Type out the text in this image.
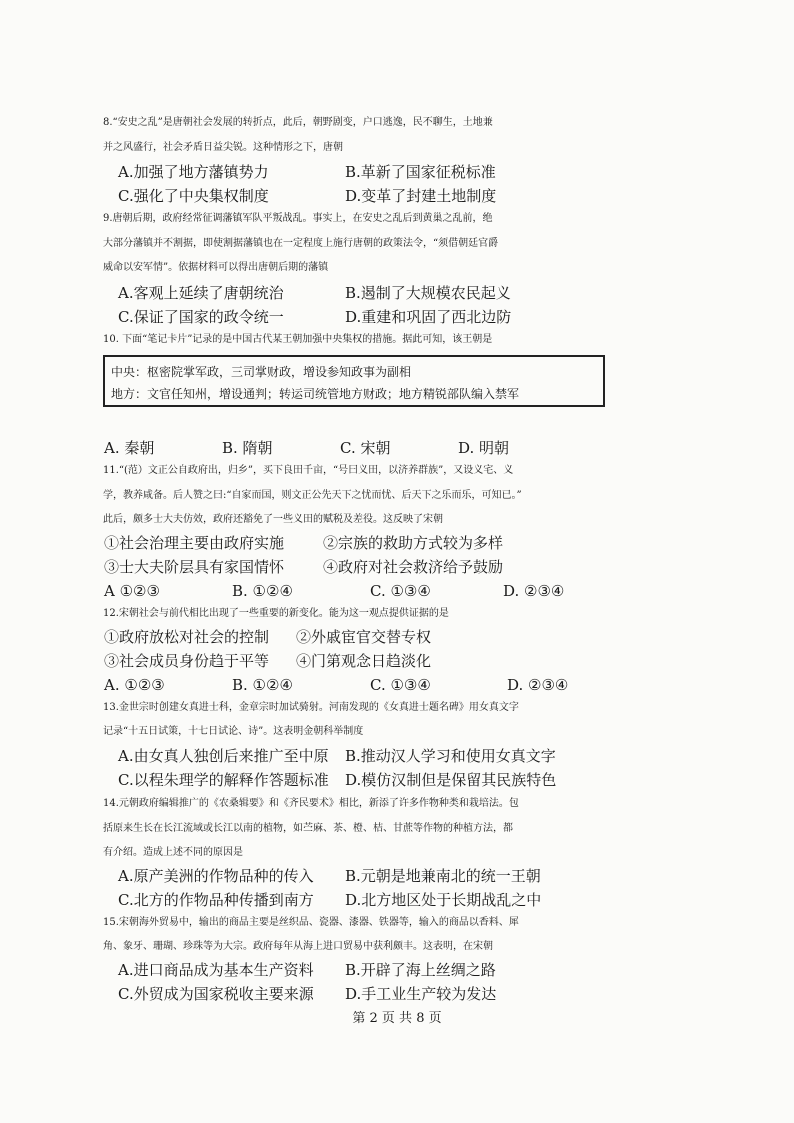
8.“安史之乱”是唐朝社会发展的转折点，此后，朝野剧变，户口逃逸，民不聊生，土地兼
并之风盛行，社会矛盾日益尖锐。这种情形之下，唐朝
A.加强了地方藩镇势力	B.革新了国家征税标准
C.强化了中央集权制度	D.变革了封建土地制度
9.唐朝后期，政府经常征调藩镇军队平叛战乱。事实上，在安史之乱后到黄巢之乱前，绝
大部分藩镇并不割据，即使割据藩镇也在一定程度上施行唐朝的政策法令，“须借朝廷官爵
威命以安军情”。依据材料可以得出唐朝后期的藩镇
A.客观上延续了唐朝统治	B.遏制了大规模农民起义
C.保证了国家的政令统一	D.重建和巩固了西北边防
10. 下面“笔记卡片”记录的是中国古代某王朝加强中央集权的措施。据此可知，该王朝是
中央：枢密院掌军政，三司掌财政，增设参知政事为副相
地方：文官任知州，增设通判；转运司统管地方财政；地方精锐部队编入禁军
A. 秦朝	B. 隋朝	C. 宋朝	D. 明朝
11.“(范）文正公自政府出，归乡”，买下良田千亩，“号曰义田，以济养群族”，又设义宅、义
学，教养咸备。后人赞之曰:“自家而国，则文正公先天下之忧而忧、后天下之乐而乐，可知已。”
此后，颇多士大夫仿效，政府还豁免了一些义田的赋税及差役。这反映了宋朝
①社会治理主要由政府实施	②宗族的救助方式较为多样
③士大夫阶层具有家国情怀	④政府对社会救济给予鼓励
A ①②③	B. ①②④	C. ①③④	D. ②③④
12.宋朝社会与前代相比出现了一些重要的新变化。能为这一观点提供证据的是
①政府放松对社会的控制 ②外戚宦官交替专权
③社会成员身份趋于平等 ④门第观念日趋淡化
A. ①②③	B. ①②④	C. ①③④	D. ②③④
13.金世宗时创建女真进士科，金章宗时加试骑射。河南发现的《女真进士题名碑》用女真文字
记录“十五日试策，十七日试论、诗”。这表明金朝科举制度
A.由女真人独创后来推广至中原 B.推动汉人学习和使用女真文字
C.以程朱理学的解释作答题标准 D.模仿汉制但是保留其民族特色
14.元朝政府编辑推广的《农桑辑要》和《齐民要术》相比，新添了许多作物种类和栽培法。包
括原来生长在长江流域或长江以南的植物，如苎麻、茶、橙、桔、甘蔗等作物的种植方法，都
有介绍。造成上述不同的原因是
A.原产美洲的作物品种的传入 B.元朝是地兼南北的统一王朝
C.北方的作物品种传播到南方 D.北方地区处于长期战乱之中
15.宋朝海外贸易中，输出的商品主要是丝织品、瓷器、漆器、铁器等，输入的商品以香料、犀
角、象牙、珊瑚、珍珠等为大宗。政府每年从海上进口贸易中获利颇丰。这表明，在宋朝
A.进口商品成为基本生产资料 B.开辟了海上丝绸之路
C.外贸成为国家税收主要来源 D.手工业生产较为发达
第 2 页 共 8 页
